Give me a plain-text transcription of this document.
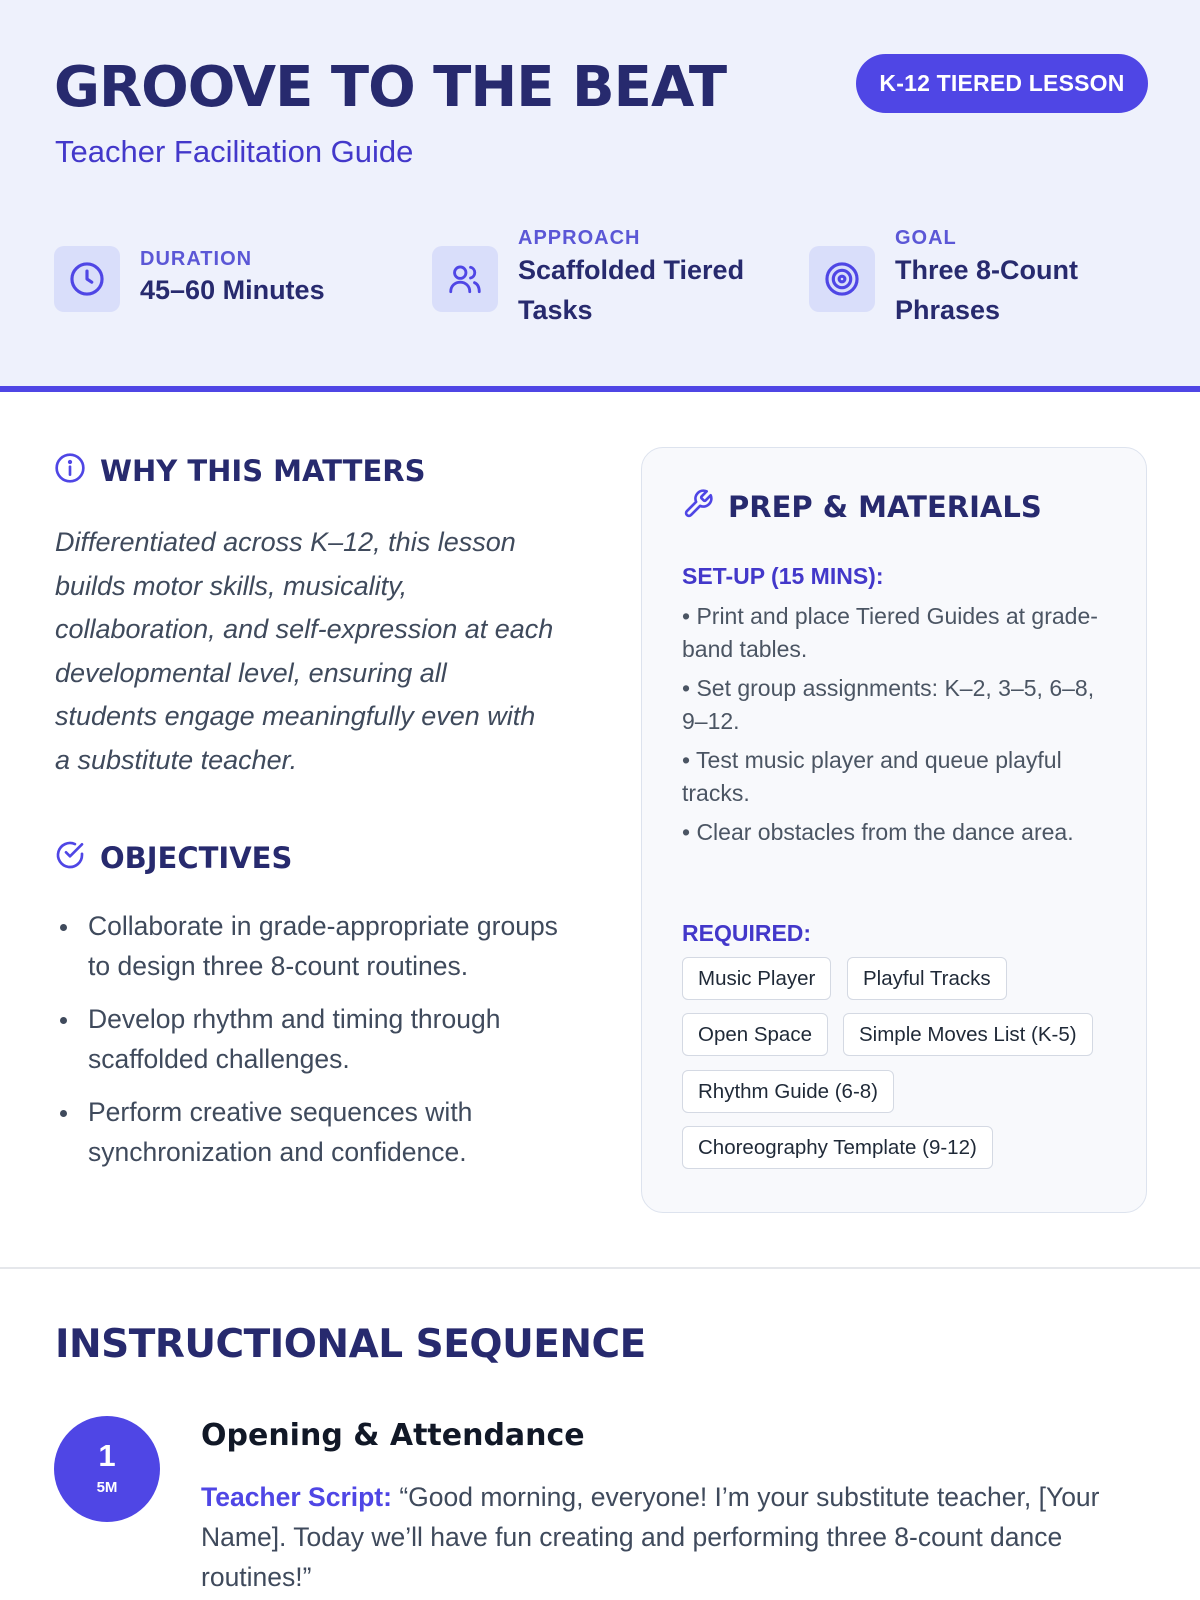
GROOVE TO THE BEAT
Teacher Facilitation Guide
K-12 TIERED LESSON
DURATION
45–60 Minutes
APPROACH
Scaffolded Tiered
Tasks
GOAL
Three 8-Count
Phrases
WHY THIS MATTERS
Differentiated across K–12, this lesson builds motor skills, musicality, collaboration, and self-expression at each developmental level, ensuring all students engage meaningfully even with a substitute teacher.
OBJECTIVES
Collaborate in grade-appropriate groups to design three 8-count routines.
Develop rhythm and timing through scaffolded challenges.
Perform creative sequences with synchronization and confidence.
PREP & MATERIALS
SET-UP (15 MINS):
• Print and place Tiered Guides at grade-band tables.
• Set group assignments: K–2, 3–5, 6–8, 9–12.
• Test music player and queue playful tracks.
• Clear obstacles from the dance area.
REQUIRED:
Music Player	Playful Tracks
Open Space	Simple Moves List (K-5)
Rhythm Guide (6-8)
Choreography Template (9-12)
INSTRUCTIONAL SEQUENCE
1
5M
Opening & Attendance
Teacher Script: “Good morning, everyone! I’m your substitute teacher, [Your Name]. Today we’ll have fun creating and performing three 8-count dance routines!”
